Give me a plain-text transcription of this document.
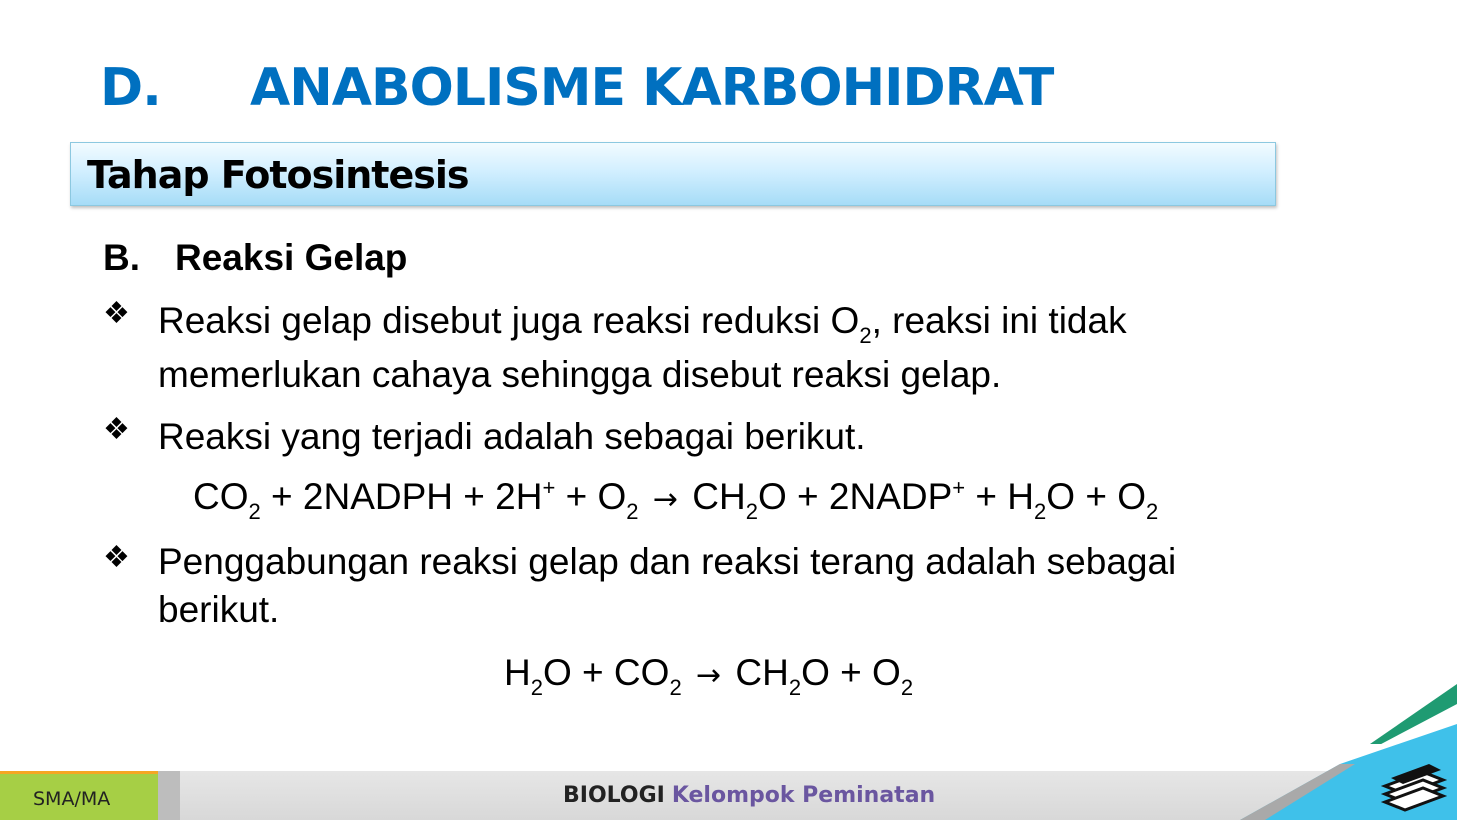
D. ANABOLISME KARBOHIDRAT
Tahap Fotosintesis
B. Reaksi Gelap
❖ Reaksi gelap disebut juga reaksi reduksi $O_2$, reaksi ini tidak memerlukan cahaya sehingga disebut reaksi gelap.
❖ Reaksi yang terjadi adalah sebagai berikut.
$CO_2$ + 2NADPH + $2H^+ + O_2 \to CH_2O$ + 2NADP+ + $H_2O + O_2$
❖ Penggabungan reaksi gelap dan reaksi terang adalah sebagai berikut.
$H_2O + CO_2 \to CH_2O + O_2$
SMA/MA	BIOLOGI Kelompok Peminatan
